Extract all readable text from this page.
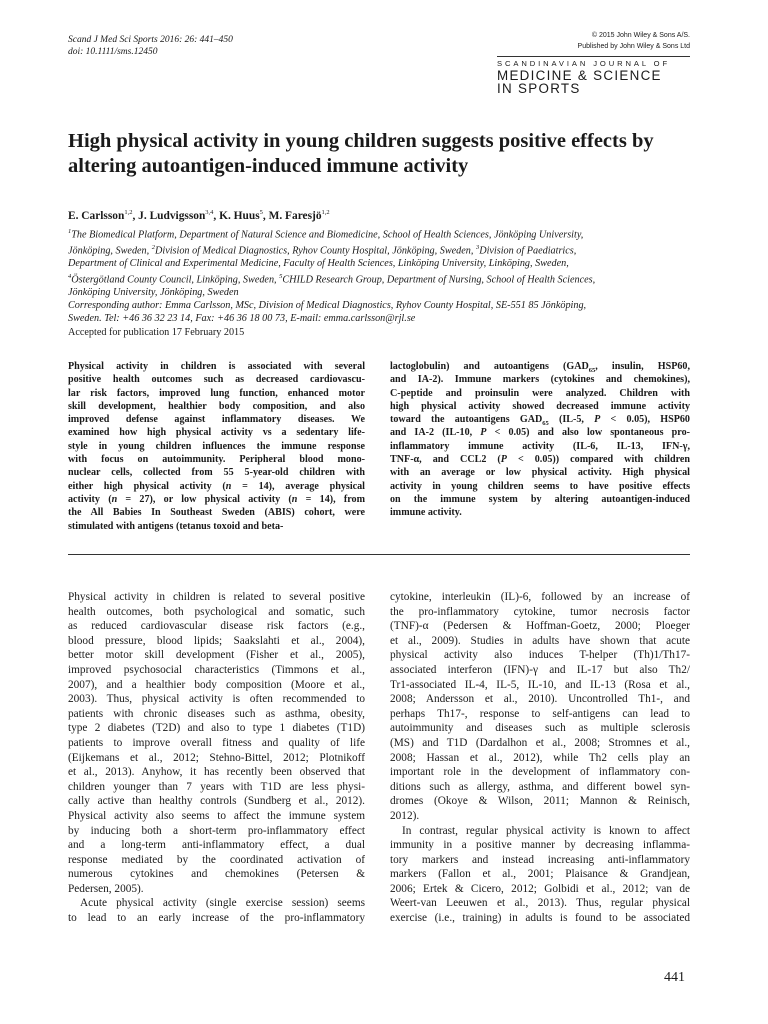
Scand J Med Sci Sports 2016: 26: 441–450
doi: 10.1111/sms.12450
© 2015 John Wiley & Sons A/S.
Published by John Wiley & Sons Ltd
SCANDINAVIAN JOURNAL OF
MEDICINE & SCIENCE
IN SPORTS
High physical activity in young children suggests positive effects by altering autoantigen-induced immune activity
E. Carlsson$^{1,2}$, J. Ludvigsson$^{3,4}$, K. Huus$^5$, M. Faresjö$^{1,2}$
$^1$The Biomedical Platform, Department of Natural Science and Biomedicine, School of Health Sciences, Jönköping University,
Jönköping, Sweden, $^2$Division of Medical Diagnostics, Ryhov County Hospital, Jönköping, Sweden, $^3$Division of Paediatrics,
Department of Clinical and Experimental Medicine, Faculty of Health Sciences, Linköping University, Linköping, Sweden,
$^4$Östergötland County Council, Linköping, Sweden, $^5$CHILD Research Group, Department of Nursing, School of Health Sciences,
Jönköping University, Jönköping, Sweden
Corresponding author: Emma Carlsson, MSc, Division of Medical Diagnostics, Ryhov County Hospital, SE-551 85 Jönköping,
Sweden. Tel: +46 36 32 23 14, Fax: +46 36 18 00 73, E-mail: emma.carlsson@rjl.se
Accepted for publication 17 February 2015
Physical activity in children is associated with several
positive health outcomes such as decreased cardiovascu-
lar risk factors, improved lung function, enhanced motor
skill development, healthier body composition, and also
improved defense against inflammatory diseases. We
examined how high physical activity vs a sedentary life-
style in young children influences the immune response
with focus on autoimmunity. Peripheral blood mono-
nuclear cells, collected from 55 5-year-old children with
either high physical activity (n = 14), average physical
activity (n = 27), or low physical activity (n = 14), from
the All Babies In Southeast Sweden (ABIS) cohort, were
stimulated with antigens (tetanus toxoid and beta-
lactoglobulin) and autoantigens ($GAD_{65}$, insulin, HSP60,
and IA-2). Immune markers (cytokines and chemokines),
C-peptide and proinsulin were analyzed. Children with
high physical activity showed decreased immune activity
toward the autoantigens $GAD_{65}$ (IL-5, P < 0.05), HSP60
and IA-2 (IL-10, P < 0.05) and also low spontaneous pro-
inflammatory immune activity (IL-6, IL-13, IFN-γ,
TNF-α, and CCL2 (P < 0.05)) compared with children
with an average or low physical activity. High physical
activity in young children seems to have positive effects
on the immune system by altering autoantigen-induced
immune activity.
Physical activity in children is related to several positive
health outcomes, both psychological and somatic, such
as reduced cardiovascular disease risk factors (e.g.,
blood pressure, blood lipids; Saakslahti et al., 2004),
better motor skill development (Fisher et al., 2005),
improved psychosocial characteristics (Timmons et al.,
2007), and a healthier body composition (Moore et al.,
2003). Thus, physical activity is often recommended to
patients with chronic diseases such as asthma, obesity,
type 2 diabetes (T2D) and also to type 1 diabetes (T1D)
patients to improve overall fitness and quality of life
(Eijkemans et al., 2012; Stehno-Bittel, 2012; Plotnikoff
et al., 2013). Anyhow, it has recently been observed that
children younger than 7 years with T1D are less physi-
cally active than healthy controls (Sundberg et al., 2012).
Physical activity also seems to affect the immune system
by inducing both a short-term pro-inflammatory effect
and a long-term anti-inflammatory effect, a dual
response mediated by the coordinated activation of
numerous cytokines and chemokines (Petersen &
Pedersen, 2005).
Acute physical activity (single exercise session) seems
to lead to an early increase of the pro-inflammatory
cytokine, interleukin (IL)-6, followed by an increase of
the pro-inflammatory cytokine, tumor necrosis factor
(TNF)-α (Pedersen & Hoffman-Goetz, 2000; Ploeger
et al., 2009). Studies in adults have shown that acute
physical activity also induces T-helper (Th)1/Th17-
associated interferon (IFN)-γ and IL-17 but also Th2/
Tr1-associated IL-4, IL-5, IL-10, and IL-13 (Rosa et al.,
2008; Andersson et al., 2010). Uncontrolled Th1-, and
perhaps Th17-, response to self-antigens can lead to
autoimmunity and diseases such as multiple sclerosis
(MS) and T1D (Dardalhon et al., 2008; Stromnes et al.,
2008; Hassan et al., 2012), while Th2 cells play an
important role in the development of inflammatory con-
ditions such as allergy, asthma, and different bowel syn-
dromes (Okoye & Wilson, 2011; Mannon & Reinisch,
2012).
In contrast, regular physical activity is known to affect
immunity in a positive manner by decreasing inflamma-
tory markers and instead increasing anti-inflammatory
markers (Fallon et al., 2001; Plaisance & Grandjean,
2006; Ertek & Cicero, 2012; Golbidi et al., 2012; van de
Weert-van Leeuwen et al., 2013). Thus, regular physical
exercise (i.e., training) in adults is found to be associated
441
